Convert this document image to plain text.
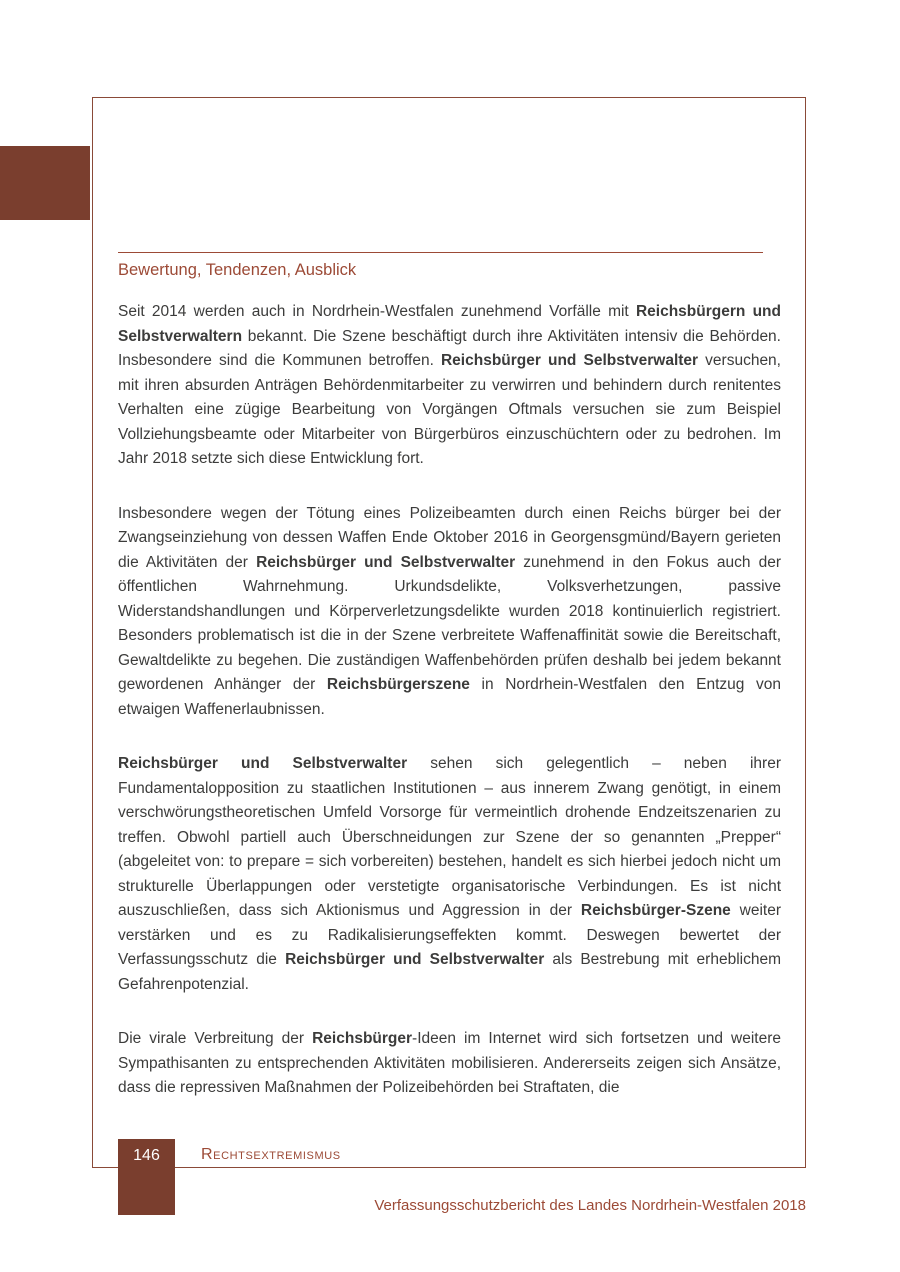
Bewertung, Tendenzen, Ausblick

Seit 2014 werden auch in Nordrhein-Westfalen zunehmend Vorfälle mit Reichsbürgern und Selbstverwaltern bekannt. Die Szene beschäftigt durch ihre Aktivitäten intensiv die Behörden. Insbesondere sind die Kommunen betroffen. Reichsbürger und Selbstverwalter versuchen, mit ihren absurden Anträgen Behördenmitarbeiter zu verwirren und behindern durch renitentes Verhalten eine zügige Bearbeitung von Vorgängen Oftmals versuchen sie zum Beispiel Vollziehungsbeamte oder Mitarbeiter von Bürgerbüros einzuschüchtern oder zu bedrohen. Im Jahr 2018 setzte sich diese Entwicklung fort.

Insbesondere wegen der Tötung eines Polizeibeamten durch einen Reichs bürger bei der Zwangseinziehung von dessen Waffen Ende Oktober 2016 in Georgensgmünd/Bayern gerieten die Aktivitäten der Reichsbürger und Selbstverwalter zunehmend in den Fokus auch der öffentlichen Wahrnehmung. Urkundsdelikte, Volksverhetzungen, passive Widerstandshandlungen und Körperverletzungsdelikte wurden 2018 kontinuierlich registriert. Besonders problematisch ist die in der Szene verbreitete Waffenaffinität sowie die Bereitschaft, Gewaltdelikte zu begehen. Die zuständigen Waffenbehörden prüfen deshalb bei jedem bekannt gewordenen Anhänger der Reichsbürgerszene in Nordrhein-Westfalen den Entzug von etwaigen Waffenerlaubnissen.

Reichsbürger und Selbstverwalter sehen sich gelegentlich – neben ihrer Fundamentalopposition zu staatlichen Institutionen – aus innerem Zwang genötigt, in einem verschwörungstheoretischen Umfeld Vorsorge für vermeintlich drohende Endzeitszenarien zu treffen. Obwohl partiell auch Überschneidungen zur Szene der so genannten „Prepper“ (abgeleitet von: to prepare = sich vorbereiten) bestehen, handelt es sich hierbei jedoch nicht um strukturelle Überlappungen oder verstetigte organisatorische Verbindungen. Es ist nicht auszuschließen, dass sich Aktionismus und Aggression in der Reichsbürger-Szene weiter verstärken und es zu Radikalisierungseffekten kommt. Deswegen bewertet der Verfassungsschutz die Reichsbürger und Selbstverwalter als Bestrebung mit erheblichem Gefahrenpotenzial.

Die virale Verbreitung der Reichsbürger-Ideen im Internet wird sich fortsetzen und weitere Sympathisanten zu entsprechenden Aktivitäten mobilisieren. Andererseits zeigen sich Ansätze, dass die repressiven Maßnahmen der Polizeibehörden bei Straftaten, die

146	Rechtsextremismus
Verfassungsschutzbericht des Landes Nordrhein-Westfalen 2018
